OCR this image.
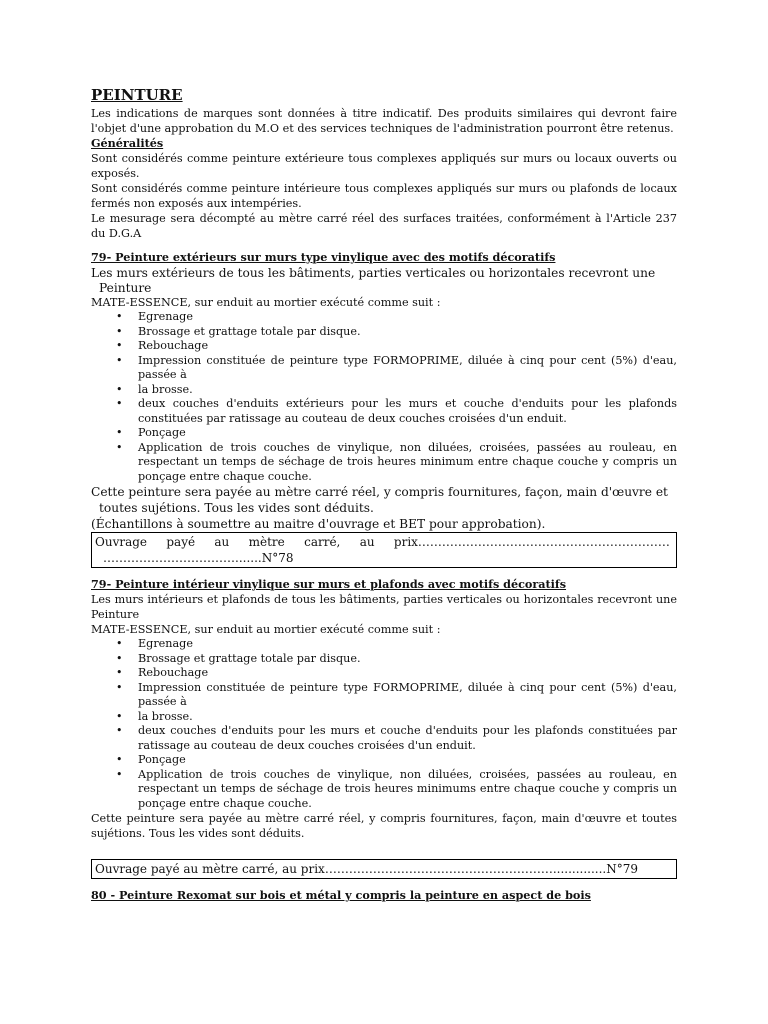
PEINTURE

Les indications de marques sont données à titre indicatif. Des produits similaires qui devront faire l'objet d'une approbation du M.O et des services techniques de l'administration pourront être retenus.

Généralités

Sont considérés comme peinture extérieure tous complexes appliqués sur murs ou locaux ouverts ou exposés.

Sont considérés comme peinture intérieure tous complexes appliqués sur murs ou plafonds de locaux fermés non exposés aux intempéries.

Le mesurage sera décompté au mètre carré réel des surfaces traitées, conformément à l'Article 237 du D.G.A

79- Peinture extérieurs sur murs type vinylique avec des motifs décoratifs

Les murs extérieurs de tous les bâtiments, parties verticales ou horizontales recevront une

Peinture

MATE-ESSENCE, sur enduit au mortier exécuté comme suit :

• Egrenage
• Brossage et grattage totale par disque.
• Rebouchage
• Impression constituée de peinture type FORMOPRIME, diluée à cinq pour cent (5%) d'eau, passée à
• la brosse.
• deux couches d'enduits extérieurs pour les murs et couche d'enduits pour les plafonds constituées par ratissage au couteau de deux couches croisées d'un enduit.
• Ponçage
• Application de trois couches de vinylique, non diluées, croisées, passées au rouleau, en respectant un temps de séchage de trois heures minimum entre chaque couche y compris un ponçage entre chaque couche.

Cette peinture sera payée au mètre carré réel, y compris fournitures, façon, main d'œuvre et

toutes sujétions. Tous les vides sont déduits.

(Échantillons à soumettre au maitre d'ouvrage et BET pour approbation).

Ouvrage payé au mètre carré, au prix………………………………………………………
…………………………….......N°78
79- Peinture intérieur vinylique sur murs et plafonds avec motifs décoratifs

Les murs intérieurs et plafonds de tous les bâtiments, parties verticales ou horizontales recevront une Peinture

MATE-ESSENCE, sur enduit au mortier exécuté comme suit :

• Egrenage
• Brossage et grattage totale par disque.
• Rebouchage
• Impression constituée de peinture type FORMOPRIME, diluée à cinq pour cent (5%) d'eau, passée à
• la brosse.
• deux couches d'enduits pour les murs et couche d'enduits pour les plafonds constituées par ratissage au couteau de deux couches croisées d'un enduit.
• Ponçage
• Application de trois couches de vinylique, non diluées, croisées, passées au rouleau, en respectant un temps de séchage de trois heures minimums entre chaque couche y compris un ponçage entre chaque couche.

Cette peinture sera payée au mètre carré réel, y compris fournitures, façon, main d'œuvre et toutes sujétions. Tous les vides sont déduits.

Ouvrage payé au mètre carré, au prix…………………………………………………..............N°79
80 - Peinture Rexomat sur bois et métal y compris la peinture en aspect de bois
